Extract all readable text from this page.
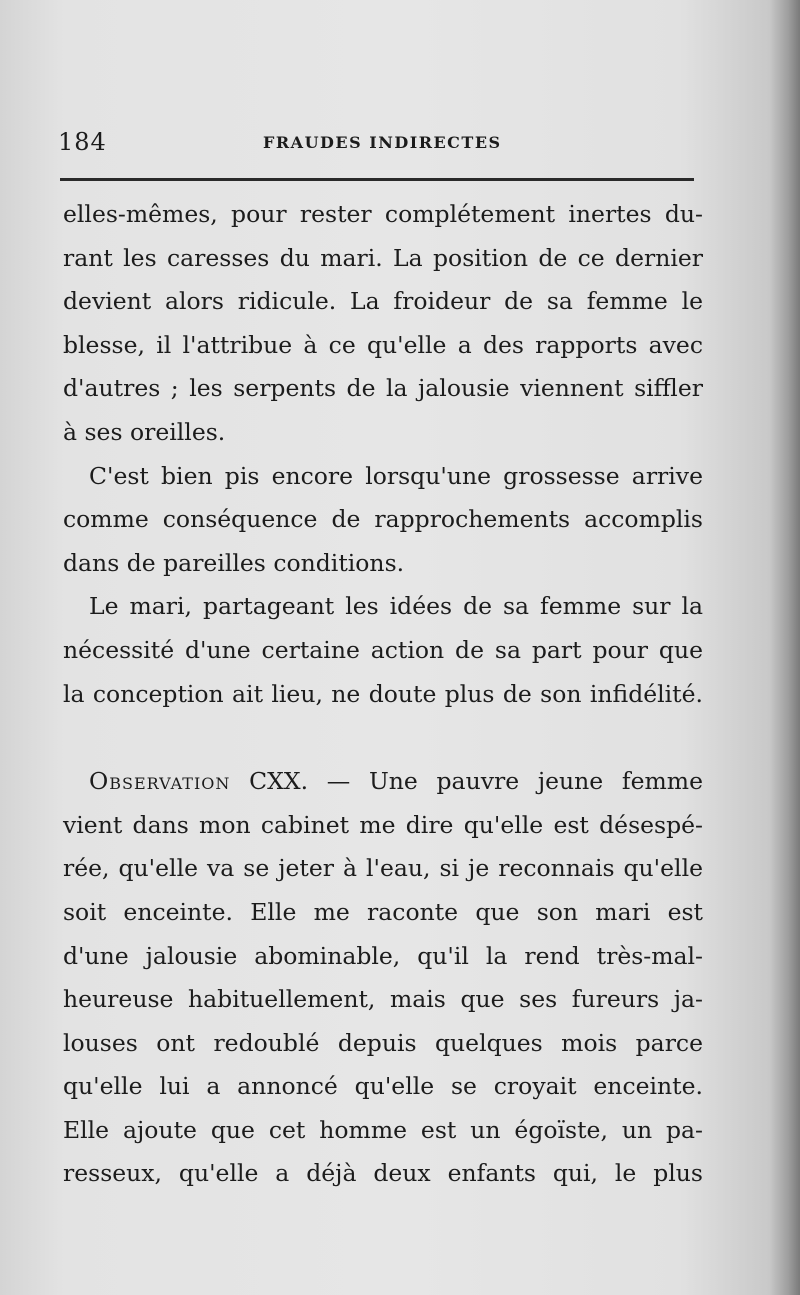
184	FRAUDES INDIRECTES
elles-mêmes, pour rester complétement inertes du-
rant les caresses du mari. La position de ce dernier
devient alors ridicule. La froideur de sa femme le
blesse, il l'attribue à ce qu'elle a des rapports avec
d'autres ; les serpents de la jalousie viennent siffler
à ses oreilles.
C'est bien pis encore lorsqu'une grossesse arrive
comme conséquence de rapprochements accomplis
dans de pareilles conditions.
Le mari, partageant les idées de sa femme sur la
nécessité d'une certaine action de sa part pour que
la conception ait lieu, ne doute plus de son infidélité.
Observation CXX. — Une pauvre jeune femme
vient dans mon cabinet me dire qu'elle est désespé-
rée, qu'elle va se jeter à l'eau, si je reconnais qu'elle
soit enceinte. Elle me raconte que son mari est
d'une jalousie abominable, qu'il la rend très-mal-
heureuse habituellement, mais que ses fureurs ja-
louses ont redoublé depuis quelques mois parce
qu'elle lui a annoncé qu'elle se croyait enceinte.
Elle ajoute que cet homme est un égoïste, un pa-
resseux, qu'elle a déjà deux enfants qui, le plus
